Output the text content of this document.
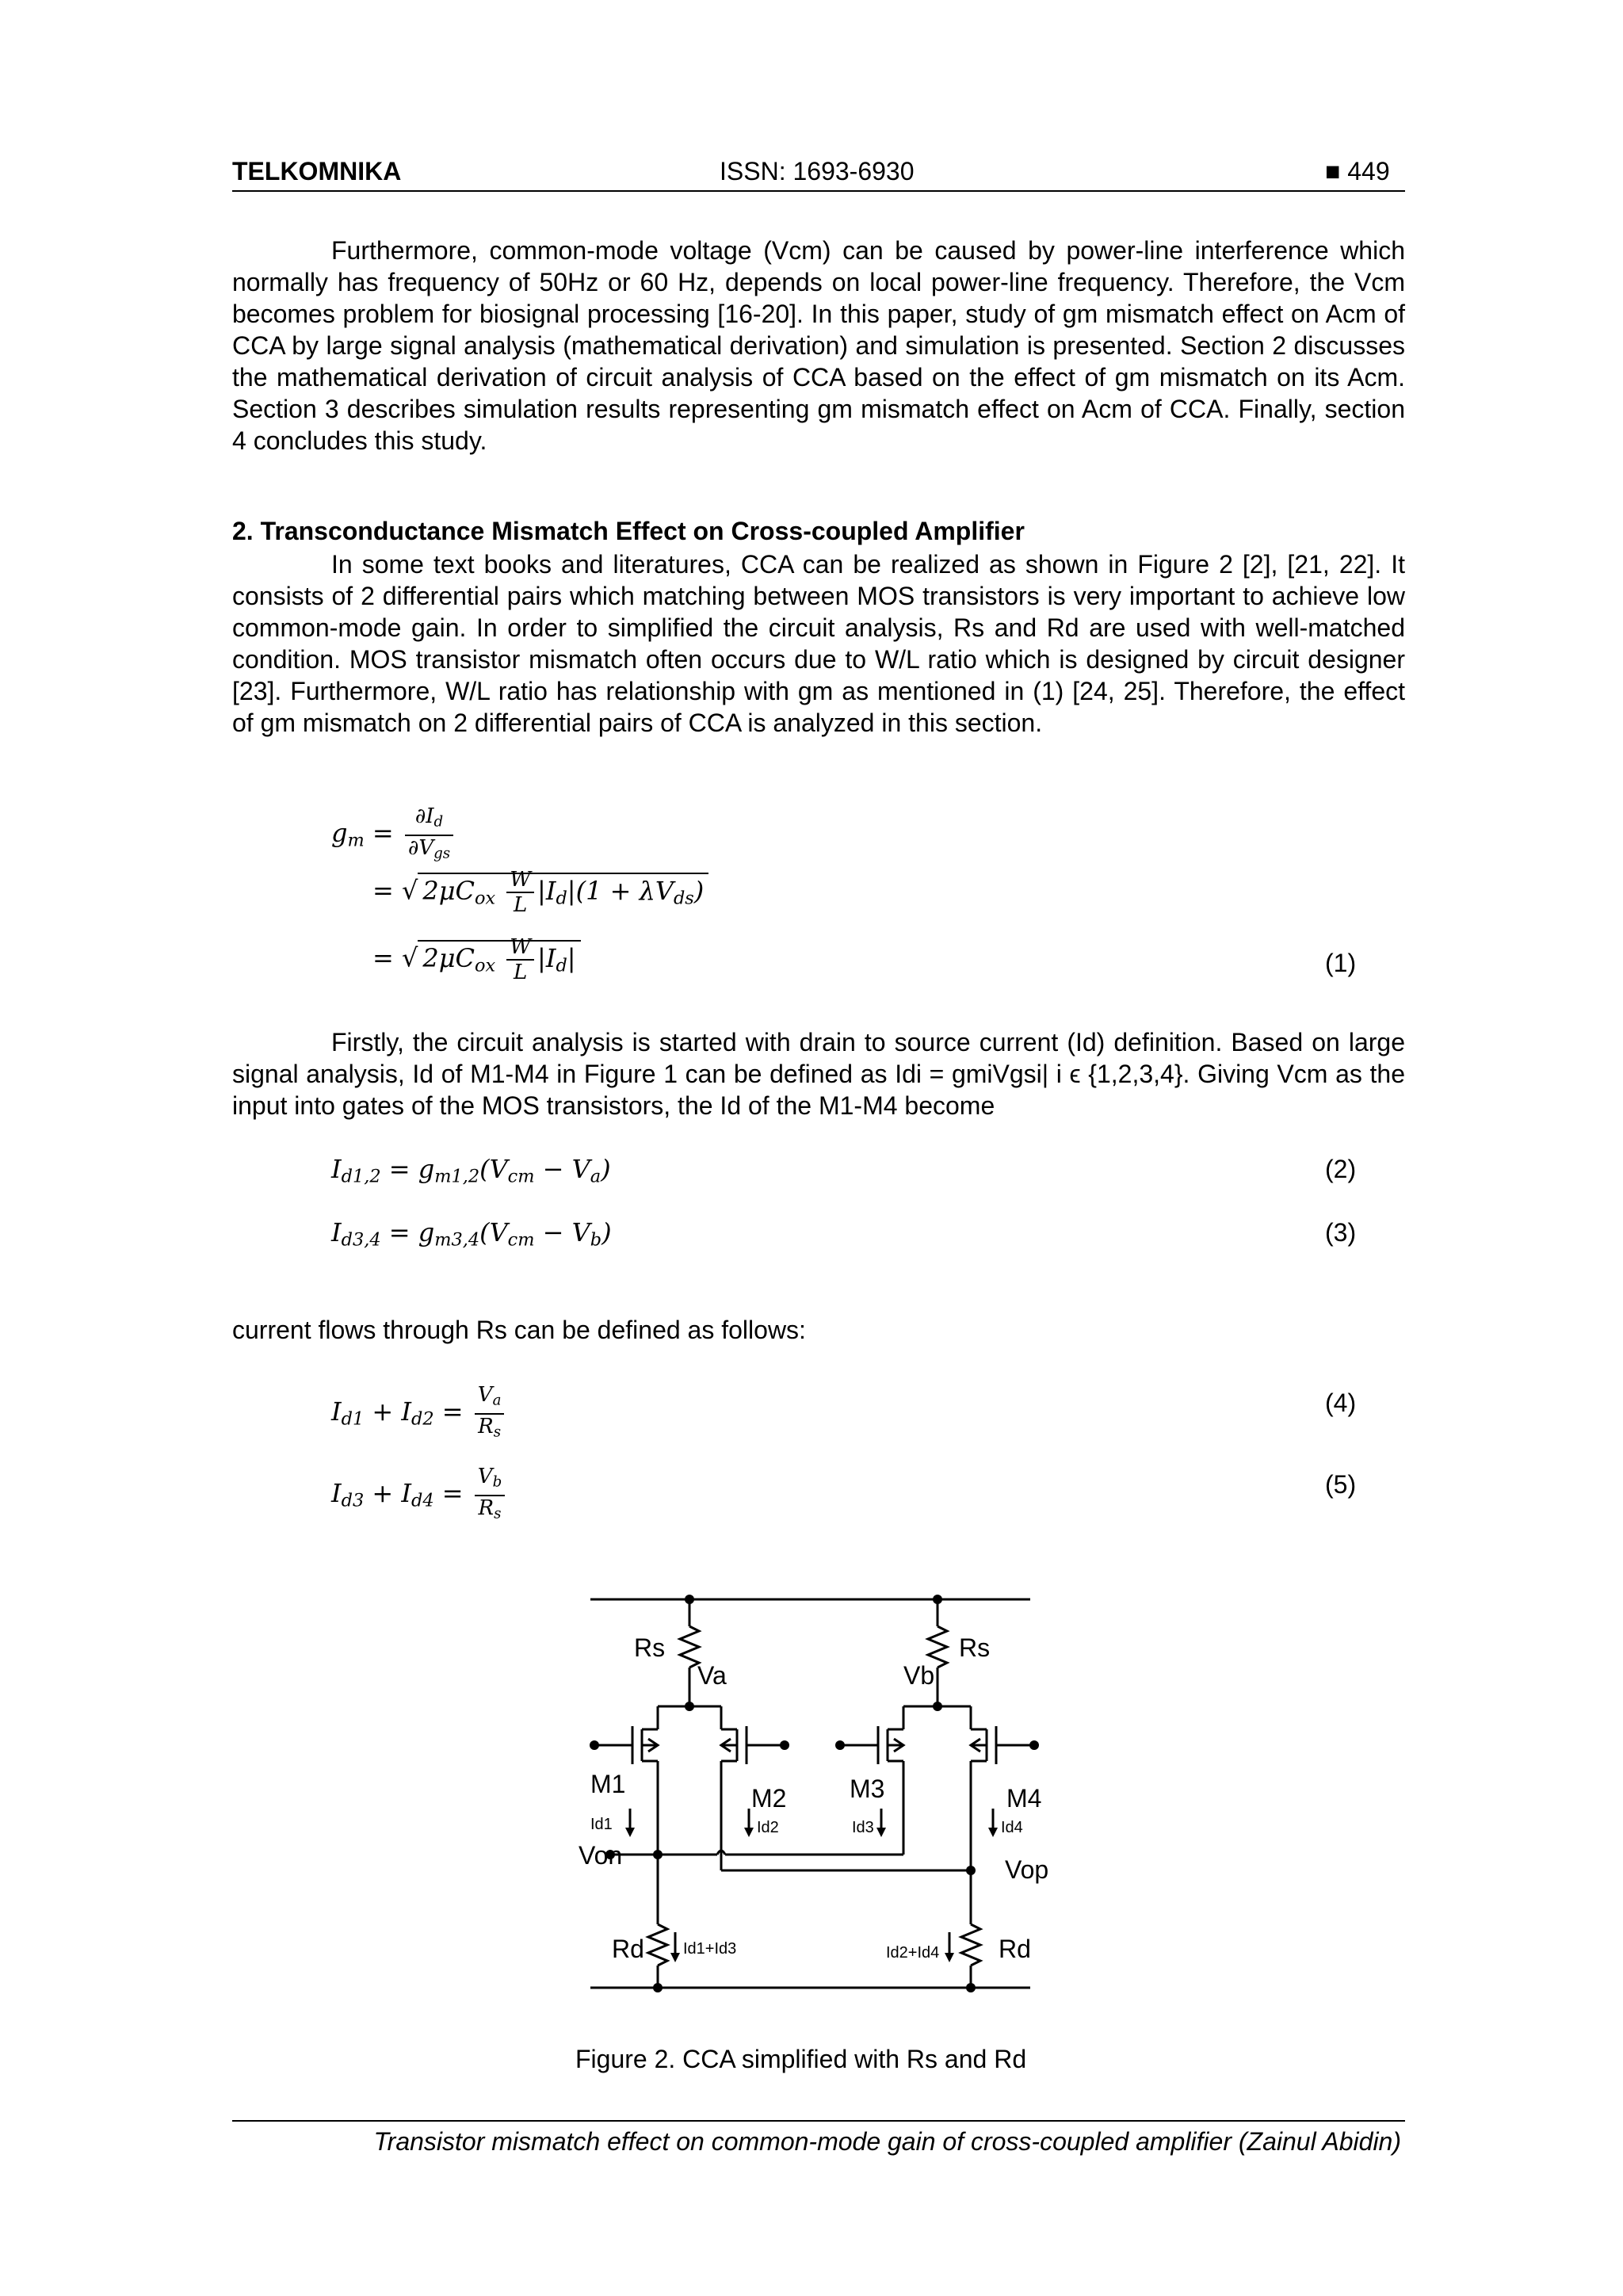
TELKOMNIKA	ISSN: 1693-6930	■ 449

Furthermore, common-mode voltage (Vcm) can be caused by power-line interference which normally has frequency of 50Hz or 60 Hz, depends on local power-line frequency. Therefore, the Vcm becomes problem for biosignal processing [16-20]. In this paper, study of gm mismatch effect on Acm of CCA by large signal analysis (mathematical derivation) and simulation is presented. Section 2 discusses the mathematical derivation of circuit analysis of CCA based on the effect of gm mismatch on its Acm. Section 3 describes simulation results representing gm mismatch effect on Acm of CCA. Finally, section 4 concludes this study.

2. Transconductance Mismatch Effect on Cross-coupled Amplifier

In some text books and literatures, CCA can be realized as shown in Figure 2 [2], [21, 22]. It consists of 2 differential pairs which matching between MOS transistors is very important to achieve low common-mode gain. In order to simplified the circuit analysis, Rs and Rd are used with well-matched condition. MOS transistor mismatch often occurs due to W/L ratio which is designed by circuit designer [23]. Furthermore, W/L ratio has relationship with gm as mentioned in (1) [24, 25]. Therefore, the effect of gm mismatch on 2 differential pairs of CCA is analyzed in this section.

$g_m = \frac{\partial I_d}{\partial V_{gs}}$
= √ $2\mu C_{ox} \frac{W}{L} |I_d|(1 + \lambda V_{ds})$
= √ $2\mu C_{ox} \frac{W}{L} |I_d|$	(1)

Firstly, the circuit analysis is started with drain to source current (Id) definition. Based on large signal analysis, Id of M1-M4 in Figure 1 can be defined as Idi = gmiVgsi| i ϵ {1,2,3,4}. Giving Vcm as the input into gates of the MOS transistors, the Id of the M1-M4 become

$I_{d1,2} = g_{m1,2}(V_{cm} - V_a)$	(2)
$I_{d3,4} = g_{m3,4}(V_{cm} - V_b)$	(3)
current flows through Rs can be defined as follows:
$I_{d1} + I_{d2} = \frac{V_a}{R_s}$	(4)
$I_{d3} + I_{d4} = \frac{V_b}{R_s}$	(5)
Rs	Rs
Va	Vb
M1	M2 M3	M4
Von	Vop
Rd	Rd
Id1	Id2	Id3	Id4
Id1+Id3	Id2+Id4
Figure 2. CCA simplified with Rs and Rd
Transistor mismatch effect on common-mode gain of cross-coupled amplifier (Zainul Abidin)
